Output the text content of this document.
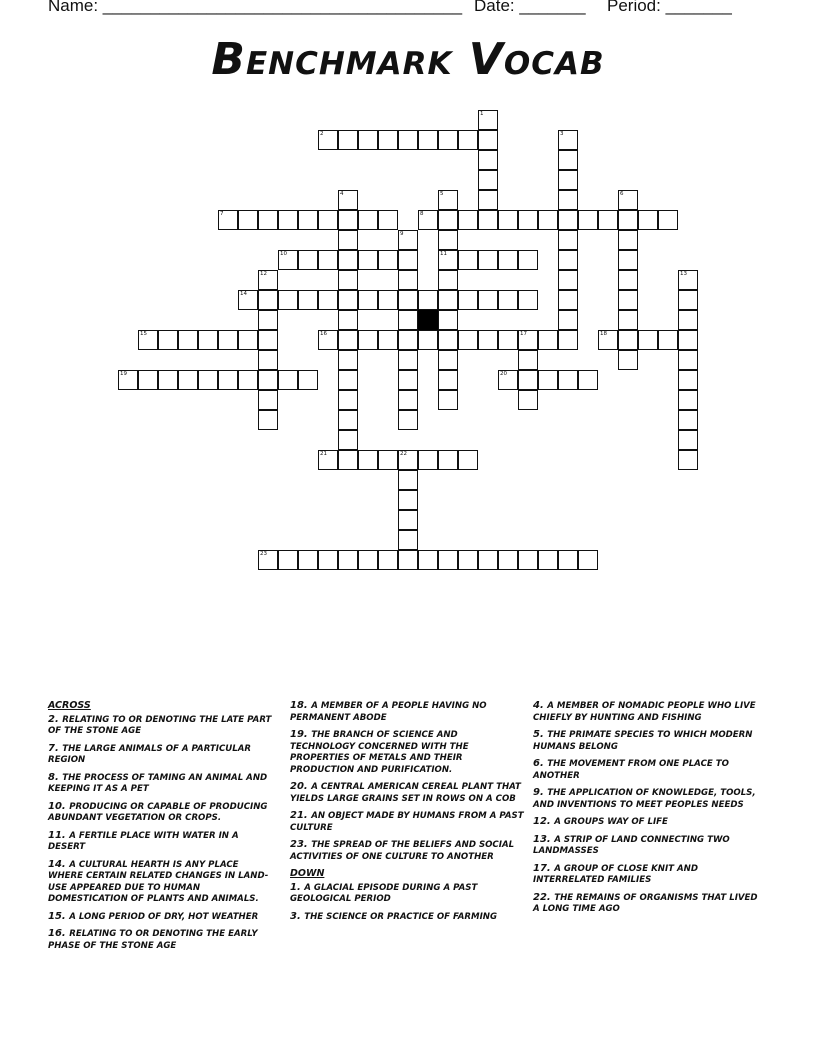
Name: ______________________________________ Date: _______ Period: _______
Benchmark Vocab
1
2	3
4	5	6
7	8
9
10	11
12	13
14
15	16	17	18
19	20
21	22
23
ACROSS
2. RELATING TO OR DENOTING THE LATE PART OF THE STONE AGE
7. THE LARGE ANIMALS OF A PARTICULAR REGION
8. THE PROCESS OF TAMING AN ANIMAL AND KEEPING IT AS A PET
10. PRODUCING OR CAPABLE OF PRODUCING ABUNDANT VEGETATION OR CROPS.
11. A FERTILE PLACE WITH WATER IN A DESERT
14. A CULTURAL HEARTH IS ANY PLACE WHERE CERTAIN RELATED CHANGES IN LAND-USE APPEARED DUE TO HUMAN DOMESTICATION OF PLANTS AND ANIMALS.
15. A LONG PERIOD OF DRY, HOT WEATHER
16. RELATING TO OR DENOTING THE EARLY PHASE OF THE STONE AGE
18. A MEMBER OF A PEOPLE HAVING NO PERMANENT ABODE
19. THE BRANCH OF SCIENCE AND TECHNOLOGY CONCERNED WITH THE PROPERTIES OF METALS AND THEIR PRODUCTION AND PURIFICATION.
20. A CENTRAL AMERICAN CEREAL PLANT THAT YIELDS LARGE GRAINS SET IN ROWS ON A COB
21. AN OBJECT MADE BY HUMANS FROM A PAST CULTURE
23. THE SPREAD OF THE BELIEFS AND SOCIAL ACTIVITIES OF ONE CULTURE TO ANOTHER
DOWN
1. A GLACIAL EPISODE DURING A PAST GEOLOGICAL PERIOD
3. THE SCIENCE OR PRACTICE OF FARMING
4. A MEMBER OF NOMADIC PEOPLE WHO LIVE CHIEFLY BY HUNTING AND FISHING
5. THE PRIMATE SPECIES TO WHICH MODERN HUMANS BELONG
6. THE MOVEMENT FROM ONE PLACE TO ANOTHER
9. THE APPLICATION OF KNOWLEDGE, TOOLS, AND INVENTIONS TO MEET PEOPLES NEEDS
12. A GROUPS WAY OF LIFE
13. A STRIP OF LAND CONNECTING TWO LANDMASSES
17. A GROUP OF CLOSE KNIT AND INTERRELATED FAMILIES
22. THE REMAINS OF ORGANISMS THAT LIVED A LONG TIME AGO
